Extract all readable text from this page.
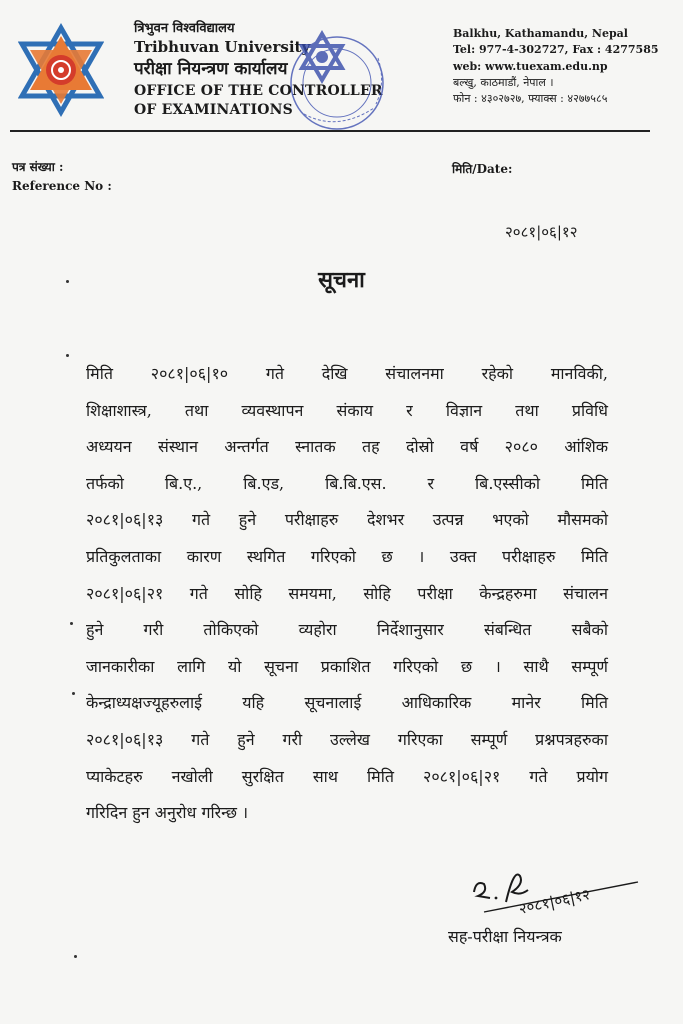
त्रिभुवन विश्वविद्यालय
Tribhuvan University
परीक्षा नियन्त्रण कार्यालय
OFFICE OF THE CONTROLLER
OF EXAMINATIONS
Balkhu, Kathamandu, Nepal
Tel: 977-4-302727, Fax : 4277585
web: www.tuexam.edu.np
बल्खु, काठमाडौं, नेपाल ।
फोन : ४३०२७२७, फ्याक्स : ४२७७५८५
पत्र संख्या :
Reference No :
मिति/Date:
२०८१|०६|१२
सूचना
मिति २०८१|०६|१० गते देखि संचालनमा रहेको मानविकी,
शिक्षाशास्त्र, तथा व्यवस्थापन संकाय र विज्ञान तथा प्रविधि
अध्ययन संस्थान अन्तर्गत स्नातक तह दोस्रो वर्ष २०८० आंशिक
तर्फको बि.ए., बि.एड, बि.बि.एस. र बि.एस्सीको मिति
२०८१|०६|१३ गते हुने परीक्षाहरु देशभर उत्पन्न भएको मौसमको
प्रतिकुलताका कारण स्थगित गरिएको छ । उक्त परीक्षाहरु मिति
२०८१|०६|२१ गते सोहि समयमा, सोहि परीक्षा केन्द्रहरुमा संचालन
हुने गरी तोकिएको व्यहोरा निर्देशानुसार संबन्धित सबैको
जानकारीका लागि यो सूचना प्रकाशित गरिएको छ । साथै सम्पूर्ण
केन्द्राध्यक्षज्यूहरुलाई यहि सूचनालाई आधिकारिक मानेर मिति
२०८१|०६|१३ गते हुने गरी उल्लेख गरिएका सम्पूर्ण प्रश्नपत्रहरुका
प्याकेटहरु नखोली सुरक्षित साथ मिति २०८१|०६|२१ गते प्रयोग
गरिदिन हुन अनुरोध गरिन्छ ।
२०८१|०६|१२
सह-परीक्षा नियन्त्रक
